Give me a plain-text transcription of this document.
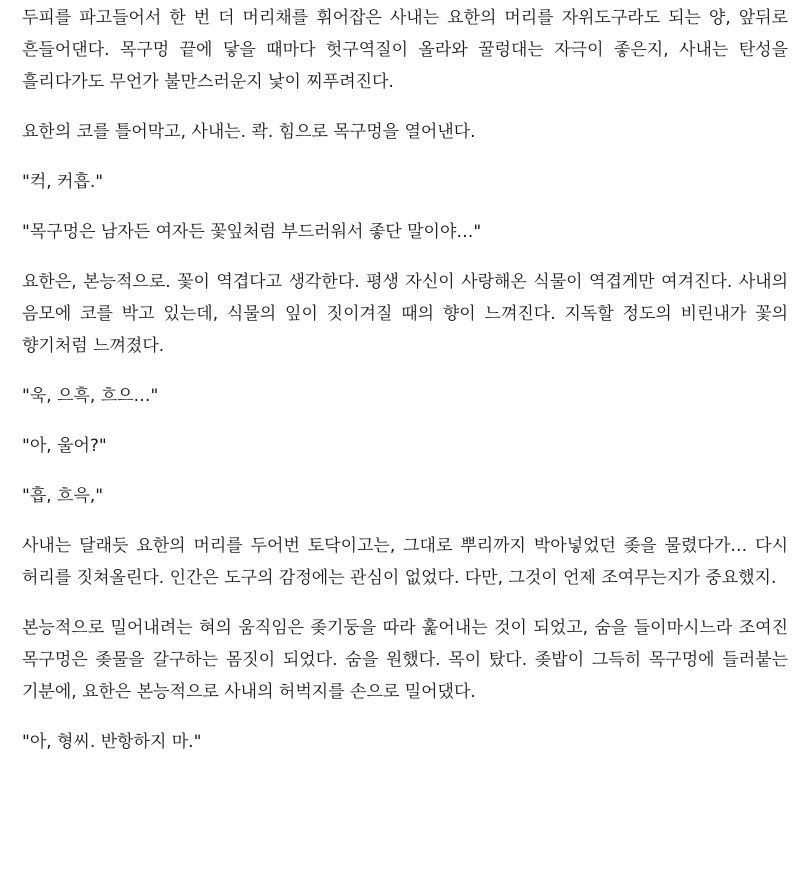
두피를 파고들어서 한 번 더 머리채를 휘어잡은 사내는 요한의 머리를 자위도구라도 되는 양, 앞뒤로 흔들어댄다. 목구멍 끝에 닿을 때마다 헛구역질이 올라와 꿀렁대는 자극이 좋은지, 사내는 탄성을 흘리다가도 무언가 불만스러운지 낯이 찌푸려진다.

요한의 코를 틀어막고, 사내는. 콱. 힘으로 목구멍을 열어낸다.

"컥, 커흡."

"목구멍은 남자든 여자든 꽃잎처럼 부드러워서 좋단 말이야…"

요한은, 본능적으로. 꽃이 역겹다고 생각한다. 평생 자신이 사랑해온 식물이 역겹게만 여겨진다. 사내의 음모에 코를 박고 있는데, 식물의 잎이 짓이겨질 때의 향이 느껴진다. 지독할 정도의 비린내가 꽃의 향기처럼 느껴졌다.

"욱, 으흑, 흐으…"

"아, 울어?"

"흡, 흐윽,"

사내는 달래듯 요한의 머리를 두어번 토닥이고는, 그대로 뿌리까지 박아넣었던 좆을 물렸다가… 다시 허리를 짓쳐올린다. 인간은 도구의 감정에는 관심이 없었다. 다만, 그것이 언제 조여무는지가 중요했지.

본능적으로 밀어내려는 혀의 움직임은 좆기둥을 따라 훑어내는 것이 되었고, 숨을 들이마시느라 조여진 목구멍은 좆물을 갈구하는 몸짓이 되었다. 숨을 원했다. 목이 탔다. 좆밥이 그득히 목구멍에 들러붙는 기분에, 요한은 본능적으로 사내의 허벅지를 손으로 밀어댔다.

"아, 형씨. 반항하지 마."
